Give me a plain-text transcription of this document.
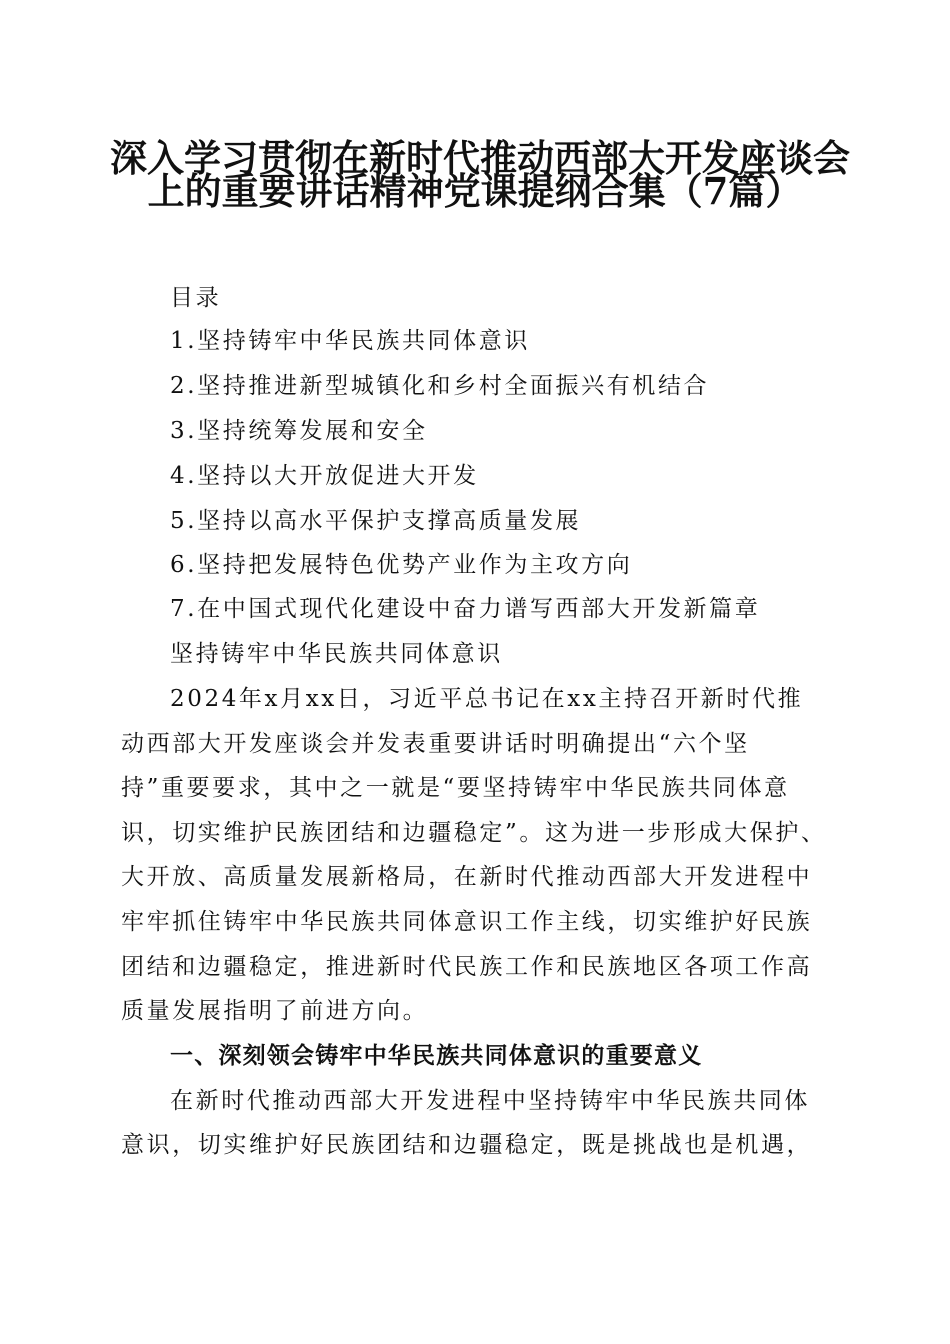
深入学习贯彻在新时代推动西部大开发座谈会
上的重要讲话精神党课提纲合集（7篇）
目录
1.坚持铸牢中华民族共同体意识
2.坚持推进新型城镇化和乡村全面振兴有机结合
3.坚持统筹发展和安全
4.坚持以大开放促进大开发
5.坚持以高水平保护支撑高质量发展
6.坚持把发展特色优势产业作为主攻方向
7.在中国式现代化建设中奋力谱写西部大开发新篇章
坚持铸牢中华民族共同体意识
2024年x月xx日，习近平总书记在xx主持召开新时代推
动西部大开发座谈会并发表重要讲话时明确提出“六个坚
持”重要要求，其中之一就是“要坚持铸牢中华民族共同体意
识，切实维护民族团结和边疆稳定”。这为进一步形成大保护、
大开放、高质量发展新格局，在新时代推动西部大开发进程中
牢牢抓住铸牢中华民族共同体意识工作主线，切实维护好民族
团结和边疆稳定，推进新时代民族工作和民族地区各项工作高
质量发展指明了前进方向。
一、深刻领会铸牢中华民族共同体意识的重要意义
在新时代推动西部大开发进程中坚持铸牢中华民族共同体
意识，切实维护好民族团结和边疆稳定，既是挑战也是机遇，
